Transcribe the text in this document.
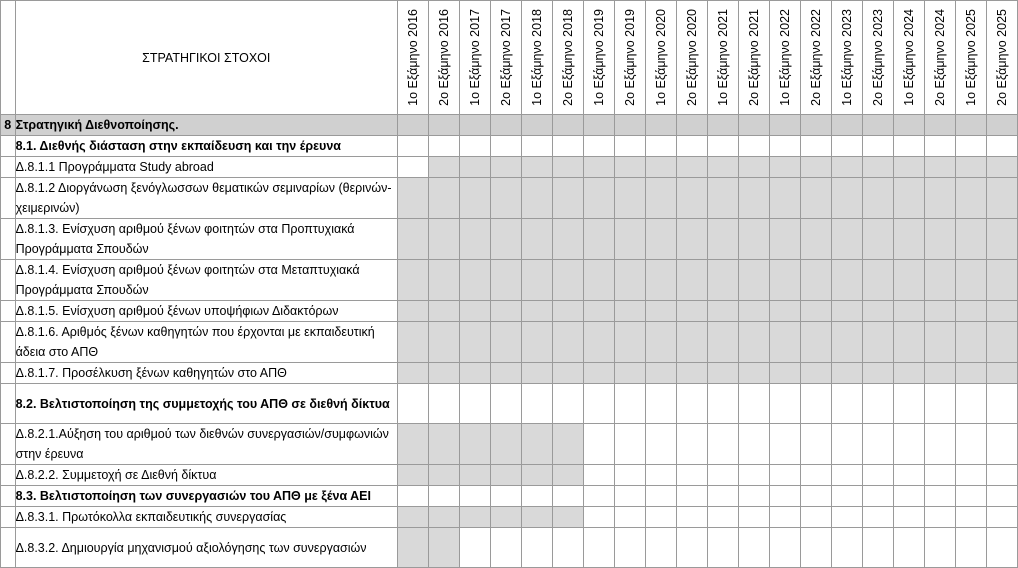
	ΣΤΡΑΤΗΓΙΚΟΙ ΣΤΟΧΟΙ	1ο Εξάμηνο 2016	2ο Εξάμηνο 2016	1ο Εξάμηνο 2017	2ο Εξάμηνο 2017	1ο Εξάμηνο 2018	2ο Εξάμηνο 2018	1ο Εξάμηνο 2019	2ο Εξάμηνο 2019	1ο Εξάμηνο 2020	2ο Εξάμηνο 2020	1ο Εξάμηνο 2021	2ο Εξάμηνο 2021	1ο Εξάμηνο 2022	2ο Εξάμηνο 2022	1ο Εξάμηνο 2023	2ο Εξάμηνο 2023	1ο Εξάμηνο 2024	2ο Εξάμηνο 2024	1ο Εξάμηνο 2025	2ο Εξάμηνο 2025

8	Στρατηγική Διεθνοποίησης.																				
	8.1. Διεθνής διάσταση στην εκπαίδευση και την έρευνα																				
	Δ.8.1.1 Προγράμματα Study abroad																				
	Δ.8.1.2 Διοργάνωση ξενόγλωσσων θεματικών σεμιναρίων (θερινών-χειμερινών)																				
	Δ.8.1.3. Ενίσχυση αριθμού ξένων φοιτητών στα Προπτυχιακά Προγράμματα Σπουδών																				
	Δ.8.1.4. Ενίσχυση αριθμού ξένων φοιτητών στα Μεταπτυχιακά Προγράμματα Σπουδών																				
	Δ.8.1.5. Ενίσχυση αριθμού ξένων υποψήφιων Διδακτόρων																				
	Δ.8.1.6. Αριθμός ξένων καθηγητών που έρχονται με εκπαιδευτική άδεια στο ΑΠΘ																				
	Δ.8.1.7. Προσέλκυση ξένων καθηγητών στο ΑΠΘ																				
	8.2. Βελτιστοποίηση της συμμετοχής του ΑΠΘ σε διεθνή δίκτυα																				
	Δ.8.2.1.Αύξηση του αριθμού των διεθνών συνεργασιών/συμφωνιών στην έρευνα																				
	Δ.8.2.2. Συμμετοχή σε Διεθνή δίκτυα																				
	8.3. Βελτιστοποίηση των συνεργασιών του ΑΠΘ με ξένα ΑΕΙ																				
	Δ.8.3.1. Πρωτόκολλα εκπαιδευτικής συνεργασίας																				
	Δ.8.3.2. Δημιουργία μηχανισμού αξιολόγησης των συνεργασιών																				
